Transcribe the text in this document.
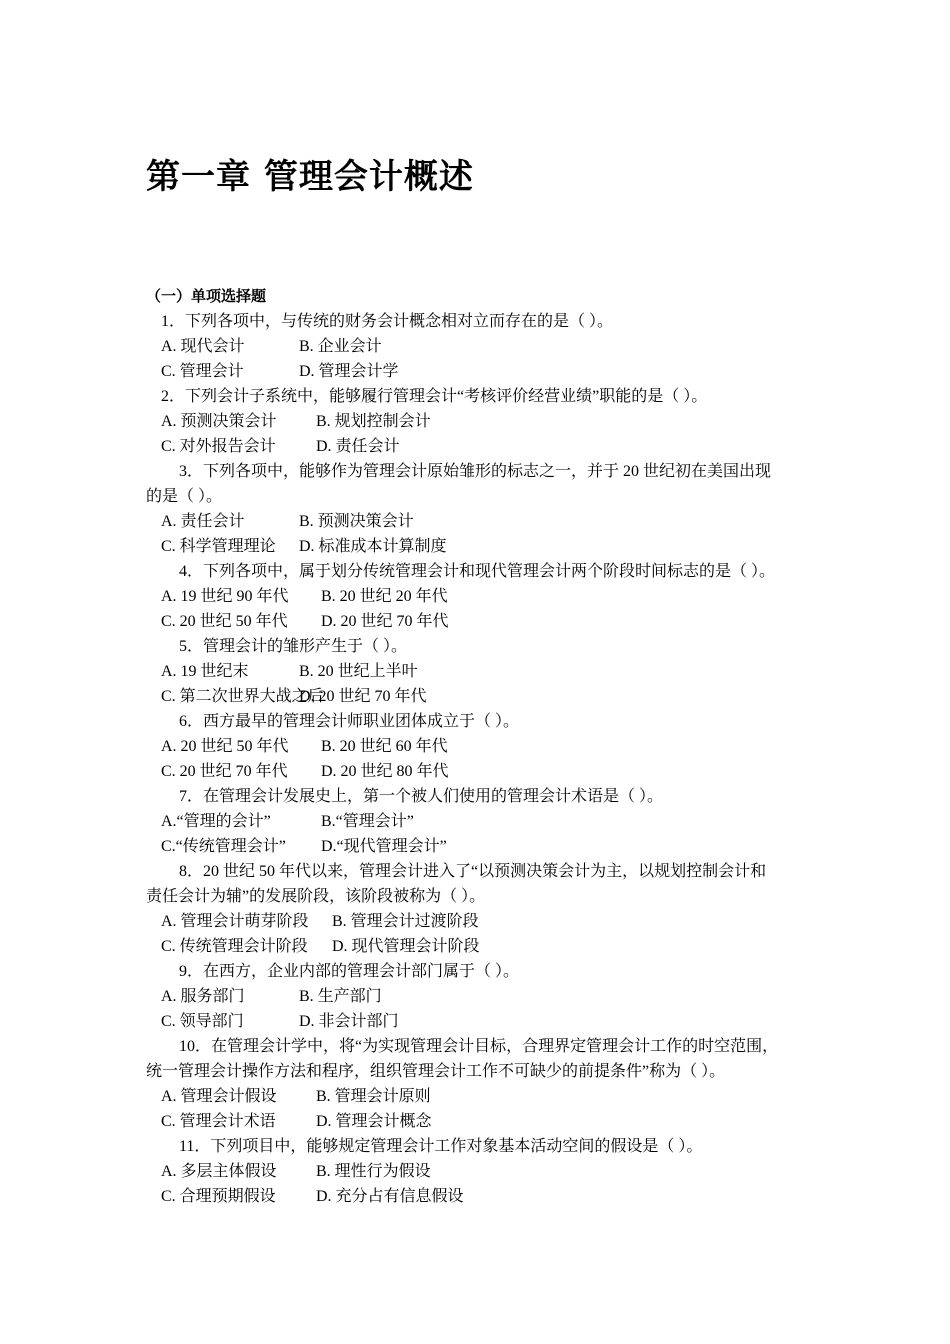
第一章 管理会计概述
（一）单项选择题
1．下列各项中，与传统的财务会计概念相对立而存在的是（ ）。
A. 现代会计	B. 企业会计
C. 管理会计	D. 管理会计学
2．下列会计子系统中，能够履行管理会计“考核评价经营业绩”职能的是（ ）。
A. 预测决策会计 B. 规划控制会计
C. 对外报告会计	D. 责任会计
3．下列各项中，能够作为管理会计原始雏形的标志之一，并于 20 世纪初在美国出现
的是（ ）。
A. 责任会计	B. 预测决策会计
C. 科学管理理论 D. 标准成本计算制度
4．下列各项中，属于划分传统管理会计和现代管理会计两个阶段时间标志的是（ ）。
A. 19 世纪 90 年代 B. 20 世纪 20 年代
C. 20 世纪 50 年代 D. 20 世纪 70 年代
5．管理会计的雏形产生于（ ）。
A. 19 世纪末	B. 20 世纪上半叶
C. 第二次世界大战之后D. 20 世纪 70 年代
6．西方最早的管理会计师职业团体成立于（ ）。
A. 20 世纪 50 年代 B. 20 世纪 60 年代
C. 20 世纪 70 年代 D. 20 世纪 80 年代
7．在管理会计发展史上，第一个被人们使用的管理会计术语是（ ）。
A.“管理的会计”	B.“管理会计”
C.“传统管理会计” D.“现代管理会计”
8．20 世纪 50 年代以来，管理会计进入了“以预测决策会计为主，以规划控制会计和
责任会计为辅”的发展阶段，该阶段被称为（ ）。
A. 管理会计萌芽阶段 B. 管理会计过渡阶段
C. 传统管理会计阶段 D. 现代管理会计阶段
9．在西方，企业内部的管理会计部门属于（ ）。
A. 服务部门	B. 生产部门
C. 领导部门	D. 非会计部门
10．在管理会计学中，将“为实现管理会计目标，合理界定管理会计工作的时空范围，
统一管理会计操作方法和程序，组织管理会计工作不可缺少的前提条件”称为（ ）。
A. 管理会计假设 B. 管理会计原则
C. 管理会计术语	D. 管理会计概念
11．下列项目中，能够规定管理会计工作对象基本活动空间的假设是（ ）。
A. 多层主体假设 B. 理性行为假设
C. 合理预期假设	D. 充分占有信息假设
